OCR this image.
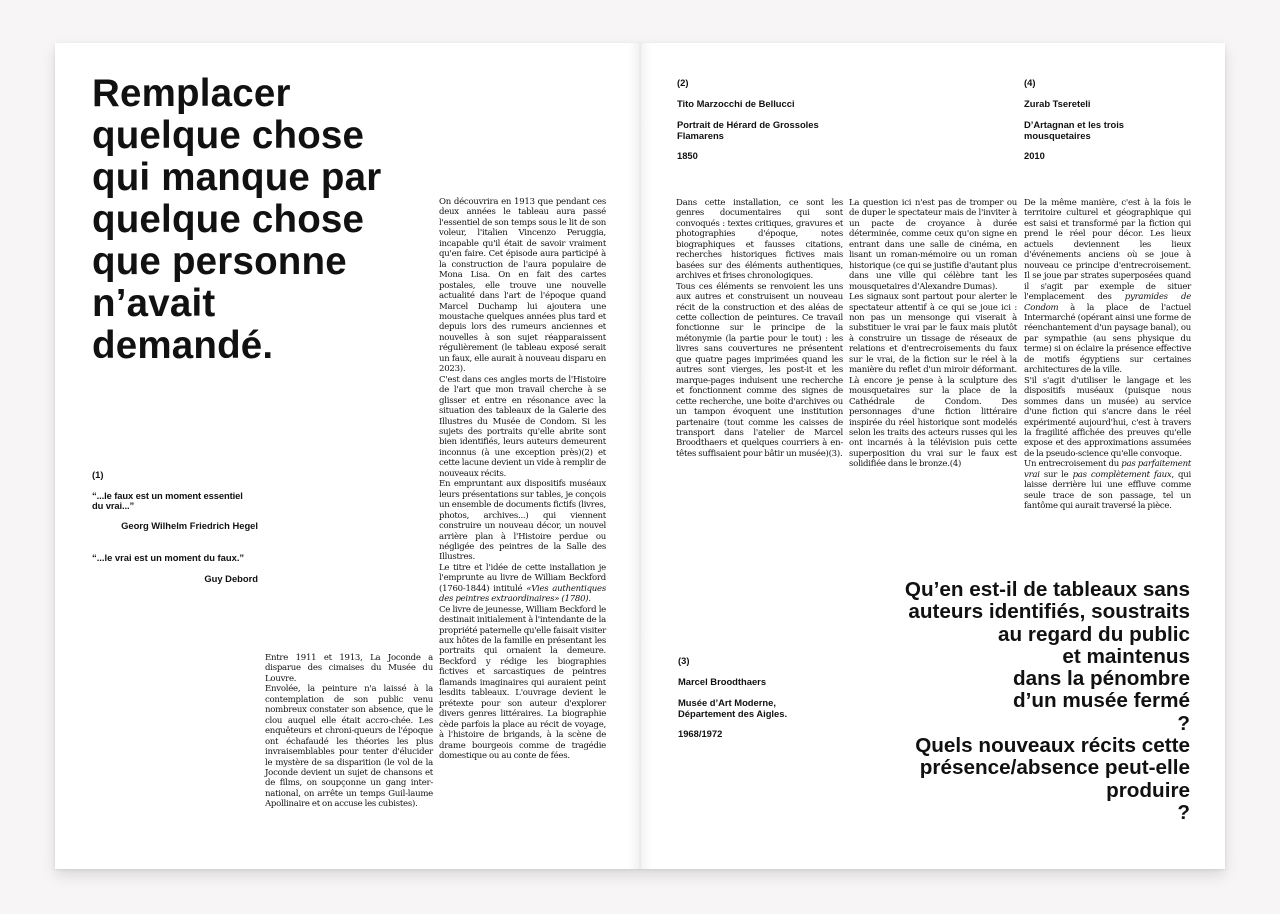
Remplacer
quelque chose
qui manque par
quelque chose
que personne
n’avait
demandé.
(1)
“...le faux est un moment essentiel
du vrai...”
Georg Wilhelm Friedrich Hegel
“...le vrai est un moment du faux.”
Guy Debord

Entre 1911 et 1913, La Joconde a disparue des cimaises du Musée du Louvre.

Envolée, la peinture n'a laissé à la contemplation de son public venu nombreux constater son absence, que le clou auquel elle était accro-chée. Les enquêteurs et chroni-queurs de l'époque ont échafaudé les théories les plus invraisemblables pour tenter d'élucider le mystère de sa disparition (le vol de la Joconde devient un sujet de chansons et de films, on soupçonne un gang inter-national, on arrête un temps Guil-laume Apollinaire et on accuse les cubistes).

On découvrira en 1913 que pendant ces deux années le tableau aura passé l'essentiel de son temps sous le lit de son voleur, l'italien Vincenzo Peruggia, incapable qu'il était de savoir vraiment qu'en faire. Cet épisode aura participé à la construction de l'aura populaire de Mona Lisa. On en fait des cartes postales, elle trouve une nouvelle actualité dans l'art de l'époque quand Marcel Duchamp lui ajoutera une moustache quelques années plus tard et depuis lors des rumeurs anciennes et nouvelles à son sujet réapparaissent régulièrement (le tableau exposé serait un faux, elle aurait à nouveau disparu en 2023).

C'est dans ces angles morts de l'Histoire de l'art que mon travail cherche à se glisser et entre en résonance avec la situation des tableaux de la Galerie des Illustres du Musée de Condom. Si les sujets des portraits qu'elle abrite sont bien identifiés, leurs auteurs demeurent inconnus (à une exception près)(2) et cette lacune devient un vide à remplir de nouveaux récits.

En empruntant aux dispositifs muséaux leurs présentations sur tables, je conçois un ensemble de documents fictifs (livres, photos, archives...) qui viennent construire un nouveau décor, un nouvel arrière plan à l'Histoire perdue ou négligée des peintres de la Salle des Illustres.

Le titre et l'idée de cette installation je l'emprunte au livre de William Beckford (1760-1844) intitulé «Vies authentiques des peintres extraordinaires» (1780).

Ce livre de jeunesse, William Beckford le destinait initialement à l'intendante de la propriété paternelle qu'elle faisait visiter aux hôtes de la famille en présentant les portraits qui ornaient la demeure. Beckford y rédige les biographies fictives et sarcastiques de peintres flamands imaginaires qui auraient peint lesdits tableaux. L'ouvrage devient le prétexte pour son auteur d'explorer divers genres littéraires. La biographie cède parfois la place au récit de voyage, à l'histoire de brigands, à la scène de drame bourgeois comme de tragédie domestique ou au conte de fées.

(2)
Tito Marzocchi de Bellucci
Portrait de Hérard de Grossoles
Flamarens
1850
(4)
Zurab Tsereteli
D’Artagnan et les trois
mousquetaires
2010

Dans cette installation, ce sont les genres documentaires qui sont convoqués : textes critiques, gravures et photographies d'époque, notes biographiques et fausses citations, recherches historiques fictives mais basées sur des éléments authentiques, archives et frises chronologiques.

Tous ces éléments se renvoient les uns aux autres et construisent un nouveau récit de la construction et des aléas de cette collection de peintures. Ce travail fonctionne sur le principe de la métonymie (la partie pour le tout) : les livres sans couvertures ne présentent que quatre pages imprimées quand les autres sont vierges, les post-it et les marque-pages induisent une recherche et fonctionnent comme des signes de cette recherche, une boite d'archives ou un tampon évoquent une institution partenaire (tout comme les caisses de transport dans l'atelier de Marcel Broodthaers et quelques courriers à en-têtes suffisaient pour bâtir un musée)(3).

La question ici n'est pas de tromper ou de duper le spectateur mais de l'inviter à un pacte de croyance à durée déterminée, comme ceux qu'on signe en entrant dans une salle de cinéma, en lisant un roman-mémoire ou un roman historique (ce qui se justifie d'autant plus dans une ville qui célèbre tant les mousquetaires d'Alexandre Dumas).

Les signaux sont partout pour alerter le spectateur attentif à ce qui se joue ici : non pas un mensonge qui viserait à substituer le vrai par le faux mais plutôt à construire un tissage de réseaux de relations et d'entrecroisements du faux sur le vrai, de la fiction sur le réel à la manière du reflet d'un miroir déformant. Là encore je pense à la sculpture des mousquetaires sur la place de la Cathédrale de Condom. Des personnages d'une fiction littéraire inspirée du réel historique sont modelés selon les traits des acteurs russes qui les ont incarnés à la télévision puis cette superposition du vrai sur le faux est solidifiée dans le bronze.(4)

De la même manière, c'est à la fois le territoire culturel et géographique qui est saisi et transformé par la fiction qui prend le réel pour décor. Les lieux actuels deviennent les lieux d'événements anciens où se joue à nouveau ce principe d'entrecroisement. Il se joue par strates superposées quand il s'agit par exemple de situer l'emplacement des pyramides de Condom à la place de l'actuel Intermarché (opérant ainsi une forme de réenchantement d'un paysage banal), ou par sympathie (au sens physique du terme) si on éclaire la présence effective de motifs égyptiens sur certaines architectures de la ville.

S'il s'agit d'utiliser le langage et les dispositifs muséaux (puisque nous sommes dans un musée) au service d'une fiction qui s'ancre dans le réel expérimenté aujourd'hui, c'est à travers la fragilité affichée des preuves qu'elle expose et des approximations assumées de la pseudo-science qu'elle convoque.

Un entrecroisement du pas parfaitement vrai sur le pas complètement faux, qui laisse derrière lui une effluve comme seule trace de son passage, tel un fantôme qui aurait traversé la pièce.

(3)
Marcel Broodthaers
Musée d’Art Moderne,
Département des Aigles.
1968/1972
Qu’en est-il de tableaux sans
auteurs identifiés, soustraits
au regard du public
et maintenus
dans la pénombre
d’un musée fermé
?
Quels nouveaux récits cette
présence/absence peut-elle
produire
?
